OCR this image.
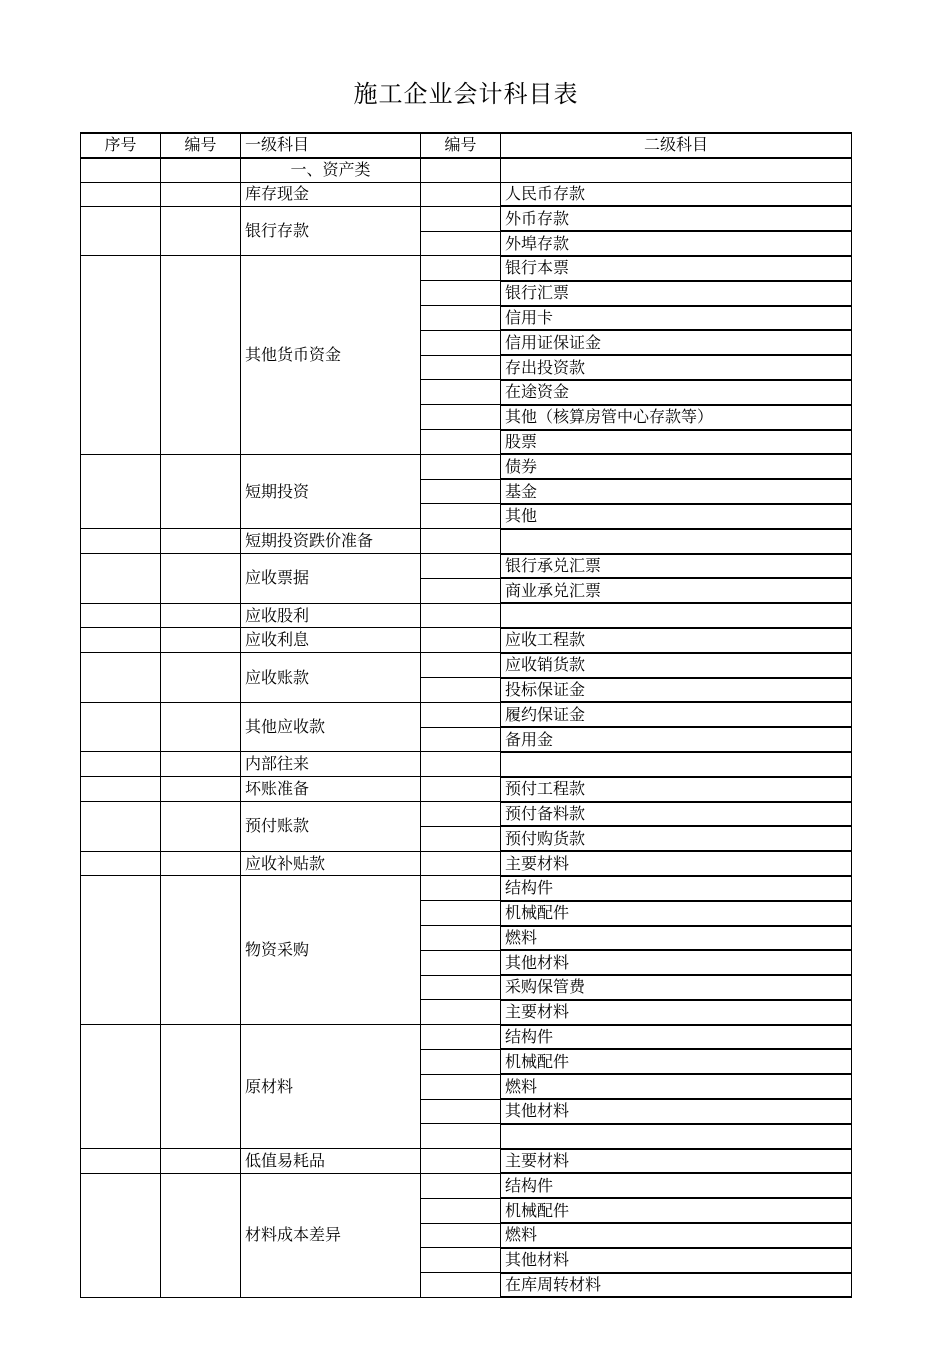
施工企业会计科目表
序号	编号	一级科目	编号	二级科目
		一、资产类		
		库存现金		人民币存款
		银行存款		外币存款
				外埠存款
		其他货币资金		银行本票
				银行汇票
				信用卡
				信用证保证金
				存出投资款
				在途资金
				其他（核算房管中心存款等）
				股票
		短期投资		债券
				基金
				其他
		短期投资跌价准备		
		应收票据		银行承兑汇票
				商业承兑汇票
		应收股利		
		应收利息		应收工程款
		应收账款		应收销货款
				投标保证金
		其他应收款		履约保证金
				备用金
		内部往来		
		坏账准备		预付工程款
		预付账款		预付备料款
				预付购货款
		应收补贴款		主要材料
		物资采购		结构件
				机械配件
				燃料
				其他材料
				采购保管费
				主要材料
		原材料		结构件
				机械配件
				燃料
				其他材料

		低值易耗品		主要材料
		材料成本差异		结构件
				机械配件
				燃料
				其他材料
				在库周转材料
